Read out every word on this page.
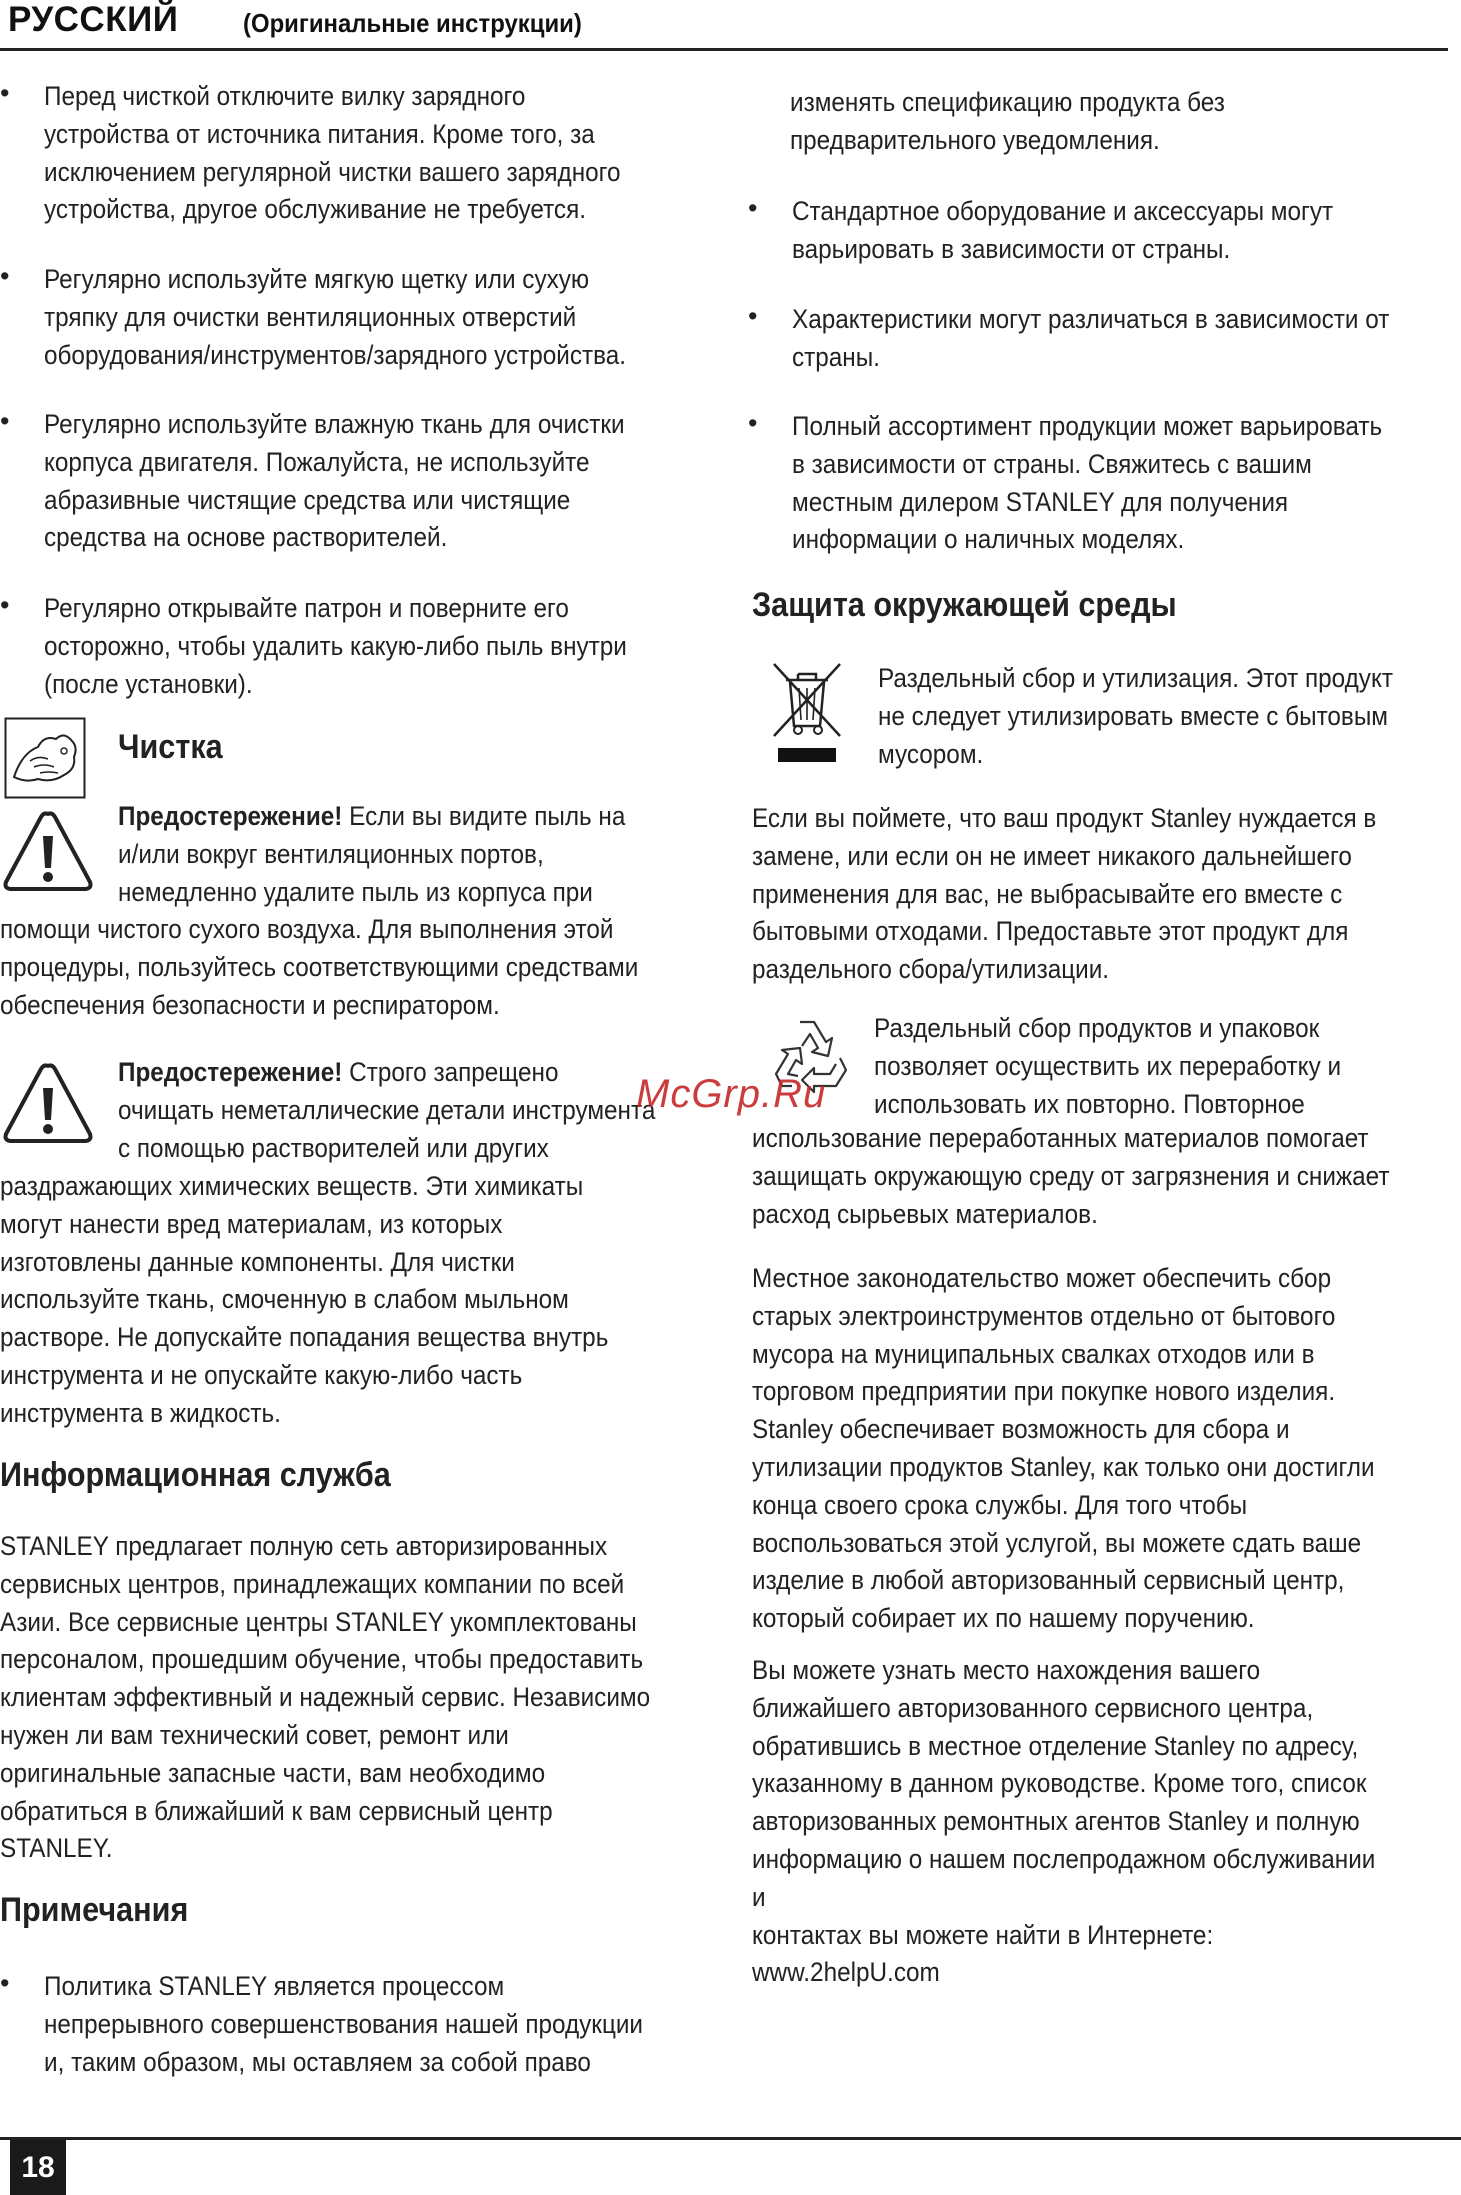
РУССКИЙ (Оригинальные инструкции)
• Перед чисткой отключите вилку зарядного

устройства от источника питания. Кроме того, за

исключением регулярной чистки вашего зарядного

устройства, другое обслуживание не требуется.

• Регулярно используйте мягкую щетку или сухую

тряпку для очистки вентиляционных отверстий

оборудования/инструментов/зарядного устройства.

• Регулярно используйте влажную ткань для очистки

корпуса двигателя. Пожалуйста, не используйте

абразивные чистящие средства или чистящие

средства на основе растворителей.

• Регулярно открывайте патрон и поверните его

осторожно, чтобы удалить какую-либо пыль внутри

(после установки).

Чистка

Предостережение! Если вы видите пыль на

и/или вокруг вентиляционных портов,

немедленно удалите пыль из корпуса при

помощи чистого сухого воздуха. Для выполнения этой

процедуры, пользуйтесь соответствующими средствами

обеспечения безопасности и респиратором.

Предостережение! Строго запрещено

очищать неметаллические детали инструмента

с помощью растворителей или других

раздражающих химических веществ. Эти химикаты

могут нанести вред материалам, из которых

изготовлены данные компоненты. Для чистки

используйте ткань, смоченную в слабом мыльном

растворе. Не допускайте попадания вещества внутрь

инструмента и не опускайте какую-либо часть

инструмента в жидкость.

Информационная служба

STANLEY предлагает полную сеть авторизированных

сервисных центров, принадлежащих компании по всей

Азии. Все сервисные центры STANLEY укомплектованы

персоналом, прошедшим обучение, чтобы предоставить

клиентам эффективный и надежный сервис. Независимо

нужен ли вам технический совет, ремонт или

оригинальные запасные части, вам необходимо

обратиться в ближайший к вам сервисный центр

STANLEY.

Примечания
• Политика STANLEY является процессом

непрерывного совершенствования нашей продукции

и, таким образом, мы оставляем за собой право

изменять спецификацию продукта без

предварительного уведомления.

• Стандартное оборудование и аксессуары могут

варьировать в зависимости от страны.

• Характеристики могут различаться в зависимости от

страны.

• Полный ассортимент продукции может варьировать

в зависимости от страны. Свяжитесь с вашим

местным дилером STANLEY для получения

информации о наличных моделях.

Защита окружающей среды

Раздельный сбор и утилизация. Этот продукт

не следует утилизировать вместе с бытовым

мусором.

Если вы поймете, что ваш продукт Stanley нуждается в

замене, или если он не имеет никакого дальнейшего

применения для вас, не выбрасывайте его вместе с

бытовыми отходами. Предоставьте этот продукт для

раздельного сбора/утилизации.

Раздельный сбор продуктов и упаковок

позволяет осуществить их переработку и

использовать их повторно. Повторное

использование переработанных материалов помогает

защищать окружающую среду от загрязнения и снижает

расход сырьевых материалов.

Местное законодательство может обеспечить сбор

старых электроинструментов отдельно от бытового

мусора на муниципальных свалках отходов или в

торговом предприятии при покупке нового изделия.

Stanley обеспечивает возможность для сбора и

утилизации продуктов Stanley, как только они достигли

конца своего срока службы. Для того чтобы

воспользоваться этой услугой, вы можете сдать ваше

изделие в любой авторизованный сервисный центр,

который собирает их по нашему поручению.

Вы можете узнать место нахождения вашего

ближайшего авторизованного сервисного центра,

обратившись в местное отделение Stanley по адресу,

указанному в данном руководстве. Кроме того, список

авторизованных ремонтных агентов Stanley и полную

информацию о нашем послепродажном обслуживании и

контактах вы можете найти в Интернете:

www.2helpU.com

McGrp.Ru
18
